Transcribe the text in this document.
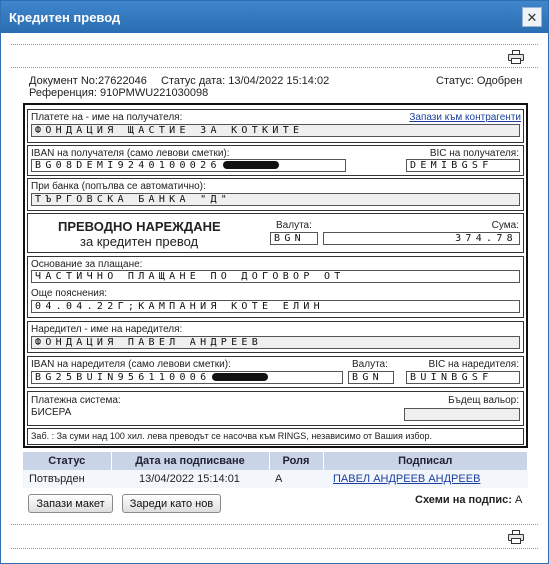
Кредитен превод	✕
Документ No:27622046 Статус дата: 13/04/2022 15:14:02	Статус: Одобрен
Референция: 910PMWU221030098
Платете на - име на получателя:	Запази към контрагенти
ФОНДАЦИЯ ЩАСТИЕ ЗА КОТКИТЕ
IBAN на получателя (само левови сметки):
BG08DEMI9240100026
BIC на получателя:
DEMIBGSF
При банка (попълва се автоматично):
ТЪРГОВСКА БАНКА "Д"
ПРЕВОДНО НАРЕЖДАНЕ
за кредитен превод
Валута:
BGN
Сума:
374.78
Основание за плащане:
ЧАСТИЧНО ПЛАЩАНЕ ПО ДОГОВОР ОТ
Още пояснения:
04.04.22Г;КАМПАНИЯ КОТЕ ЕЛИН
Наредител - име на наредителя:
ФОНДАЦИЯ ПАВЕЛ АНДРЕЕВ
IBAN на наредителя (само левови сметки):
BG25BUIN956110006
Валута:
BGN
BIC на наредителя:
BUINBGSF
Платежна система:
БИСЕРА
Бъдещ вальор:
Заб. : За суми над 100 хил. лева преводът се насочва към RINGS, независимо от Вашия избор.
Статус	Дата на подписване	Роля	Подписал
Потвърден	13/04/2022 15:14:01	А	ПАВЕЛ АНДРЕЕВ АНДРЕЕВ
Запази макет	Зареди като нов	Схеми на подпис: А
